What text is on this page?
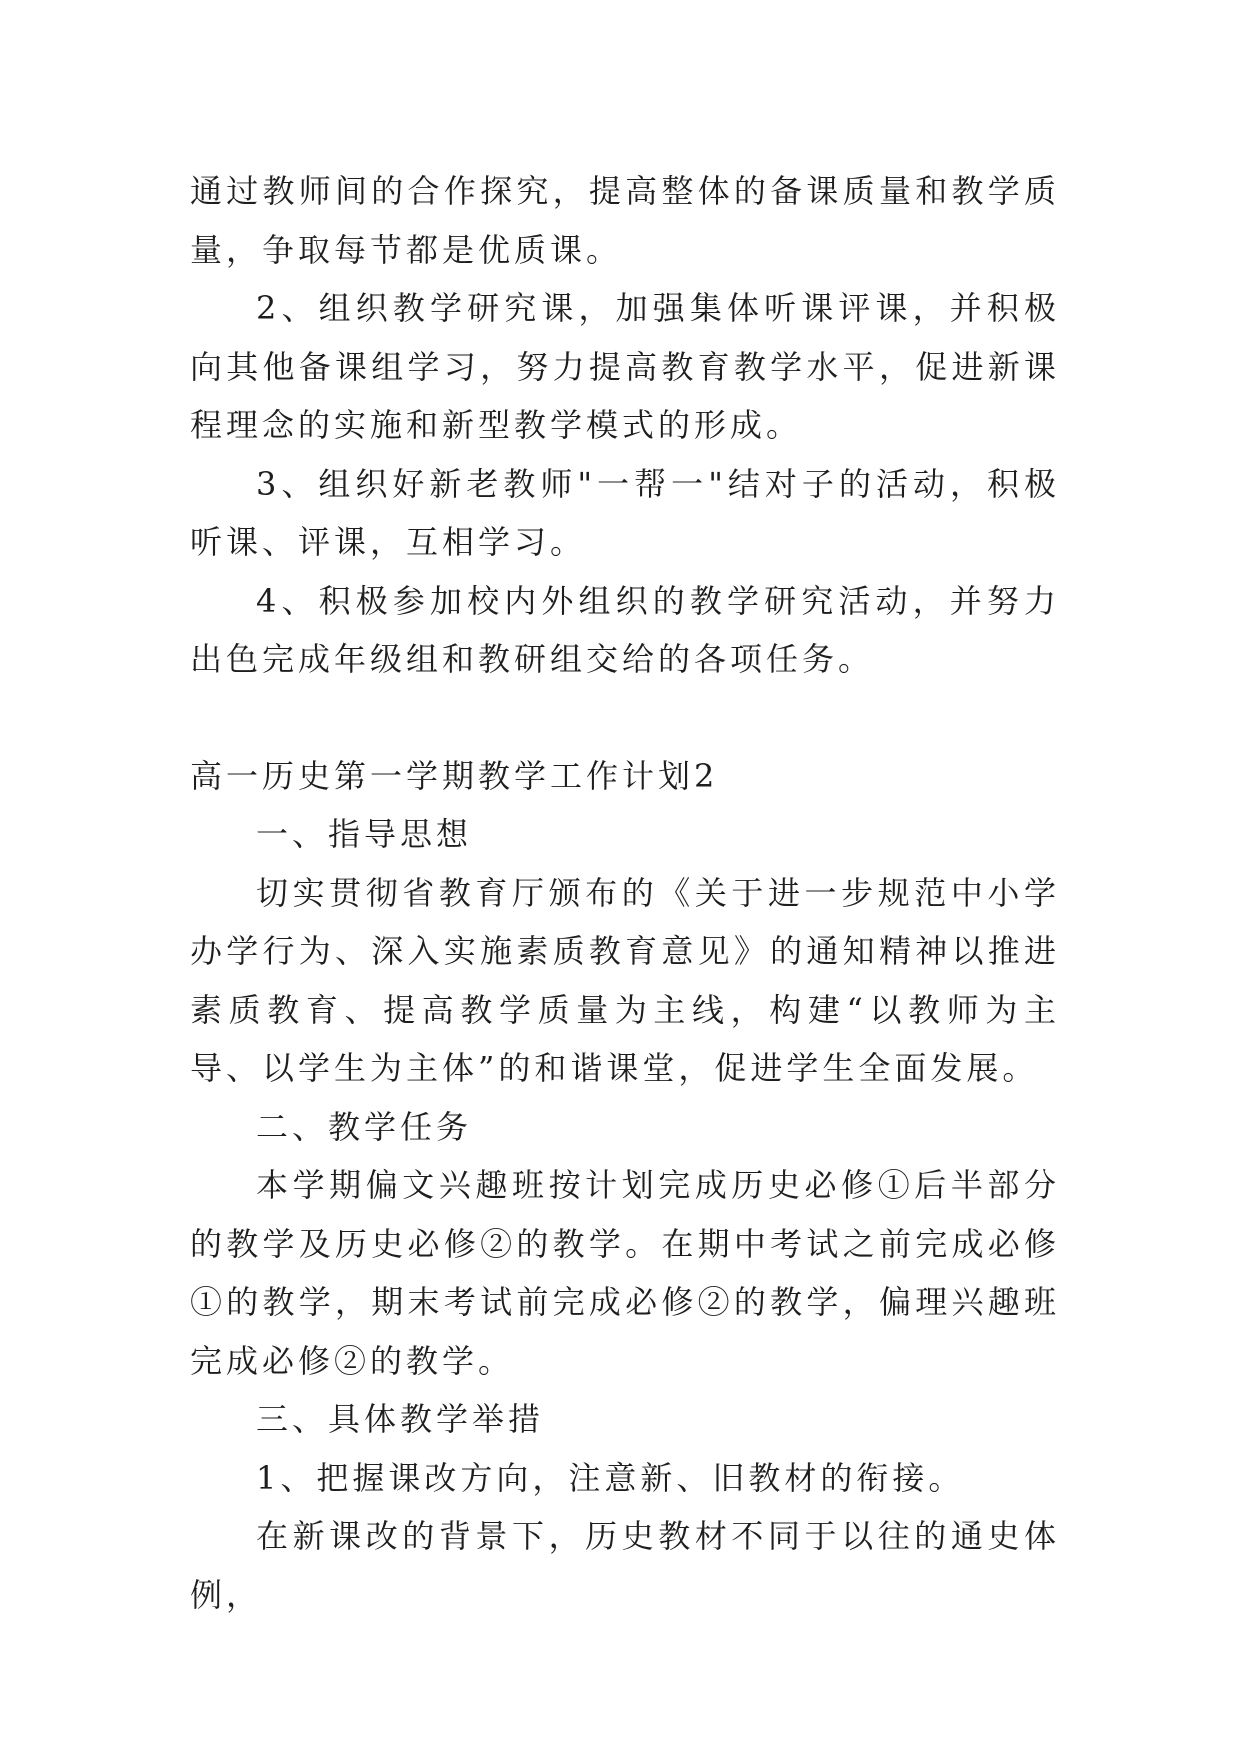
通过教师间的合作探究，提高整体的备课质量和教学质量，争取每节都是优质课。

2、组织教学研究课，加强集体听课评课，并积极向其他备课组学习，努力提高教育教学水平，促进新课程理念的实施和新型教学模式的形成。

3、组织好新老教师"一帮一"结对子的活动，积极听课、评课，互相学习。

4、积极参加校内外组织的教学研究活动，并努力出色完成年级组和教研组交给的各项任务。

高一历史第一学期教学工作计划2

一、指导思想

切实贯彻省教育厅颁布的《关于进一步规范中小学办学行为、深入实施素质教育意见》的通知精神以推进素质教育、提高教学质量为主线，构建“以教师为主导、以学生为主体”的和谐课堂，促进学生全面发展。

二、教学任务

本学期偏文兴趣班按计划完成历史必修①后半部分的教学及历史必修②的教学。在期中考试之前完成必修①的教学，期末考试前完成必修②的教学，偏理兴趣班完成必修②的教学。

三、具体教学举措

1、把握课改方向，注意新、旧教材的衔接。

在新课改的背景下，历史教材不同于以往的通史体例，
